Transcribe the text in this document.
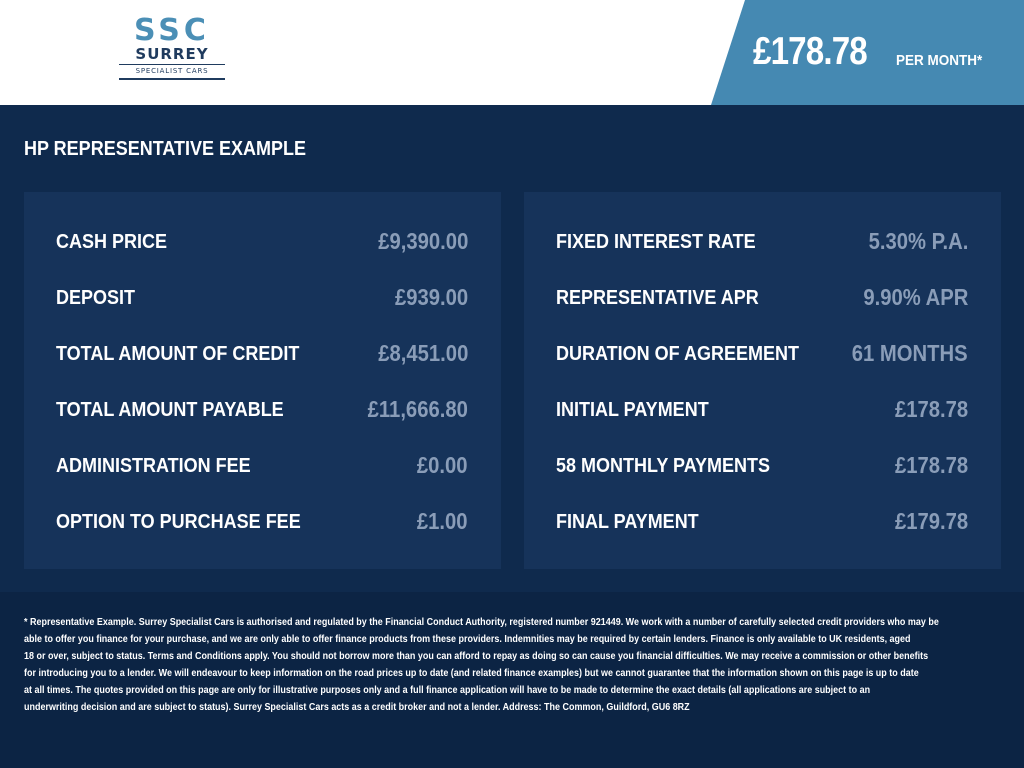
SSC
SURREY
SPECIALIST CARS	£178.78 PER MONTH*
HP REPRESENTATIVE EXAMPLE
CASH PRICE	£9,390.00
DEPOSIT	£939.00
TOTAL AMOUNT OF CREDIT	£8,451.00
TOTAL AMOUNT PAYABLE	£11,666.80
ADMINISTRATION FEE	£0.00
OPTION TO PURCHASE FEE	£1.00
FIXED INTEREST RATE	5.30% P.A.
REPRESENTATIVE APR	9.90% APR
DURATION OF AGREEMENT 61 MONTHS
INITIAL PAYMENT	£178.78
58 MONTHLY PAYMENTS	£178.78
FINAL PAYMENT	£179.78
* Representative Example. Surrey Specialist Cars is authorised and regulated by the Financial Conduct Authority, registered number 921449. We work with a number of carefully selected credit providers who may be
able to offer you finance for your purchase, and we are only able to offer finance products from these providers. Indemnities may be required by certain lenders. Finance is only available to UK residents, aged
18 or over, subject to status. Terms and Conditions apply. You should not borrow more than you can afford to repay as doing so can cause you financial difficulties. We may receive a commission or other benefits
for introducing you to a lender. We will endeavour to keep information on the road prices up to date (and related finance examples) but we cannot guarantee that the information shown on this page is up to date
at all times. The quotes provided on this page are only for illustrative purposes only and a full finance application will have to be made to determine the exact details (all applications are subject to an
underwriting decision and are subject to status). Surrey Specialist Cars acts as a credit broker and not a lender. Address: The Common, Guildford, GU6 8RZ
